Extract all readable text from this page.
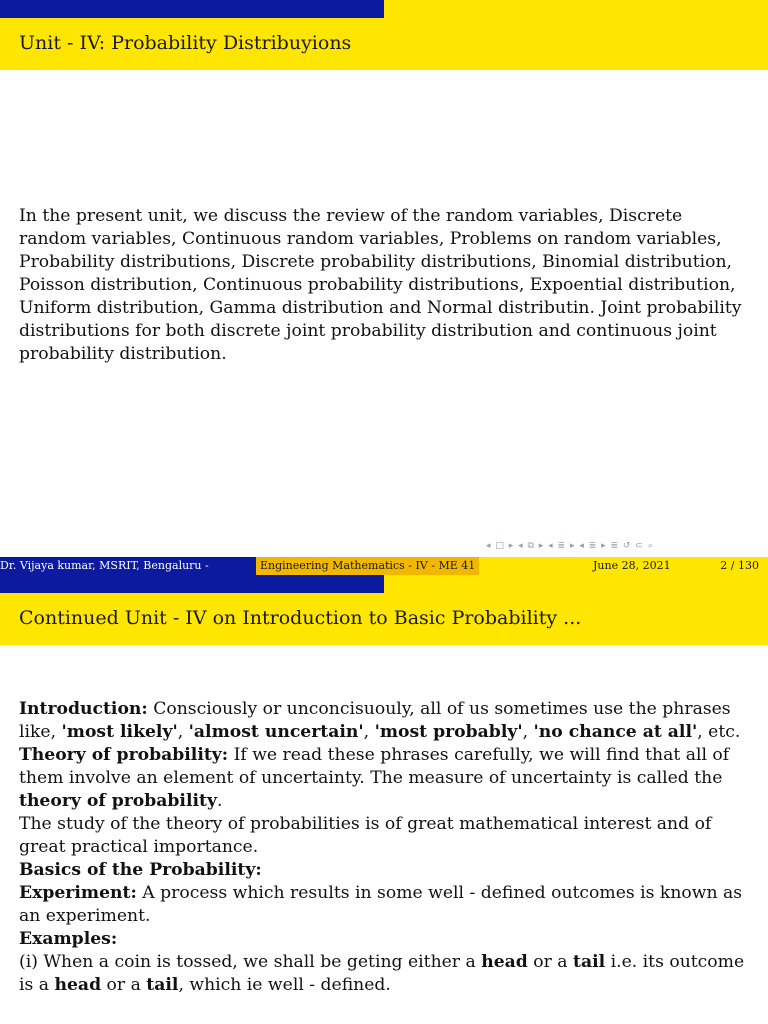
Unit - IV: Probability Distribuyions
In the present unit, we discuss the review of the random variables, Discrete random variables, Continuous random variables, Problems on random variables, Probability distributions, Discrete probability distributions, Binomial distribution, Poisson distribution, Continuous probability distributions, Expoential distribution, Uniform distribution, Gamma distribution and Normal distributin. Joint probability distributions for both discrete joint probability distribution and continuous joint probability distribution.
◂ □ ▸ ◂ ⧉ ▸ ◂ ≣ ▸ ◂ ≣ ▸ ≣ ↺ ⊂ ⌕
Dr. Vijaya kumar, MSRIT, Bengaluru -	Engineering Mathematics - IV - ME 41	June 28, 2021	2 / 130
Continued Unit - IV on Introduction to Basic Probability ...

Introduction: Consciously or unconcisuouly, all of us sometimes use the phrases like, 'most likely', 'almost uncertain', 'most probably', 'no chance at all', etc.

Theory of probability: If we read these phrases carefully, we will find that all of them involve an element of uncertainty. The measure of uncertainty is called the theory of probability.

The study of the theory of probabilities is of great mathematical interest and of great practical importance.

Basics of the Probability:

Experiment: A process which results in some well - defined outcomes is known as an experiment.

Examples:

(i) When a coin is tossed, we shall be geting either a head or a tail i.e. its outcome is a head or a tail, which ie well - defined.
